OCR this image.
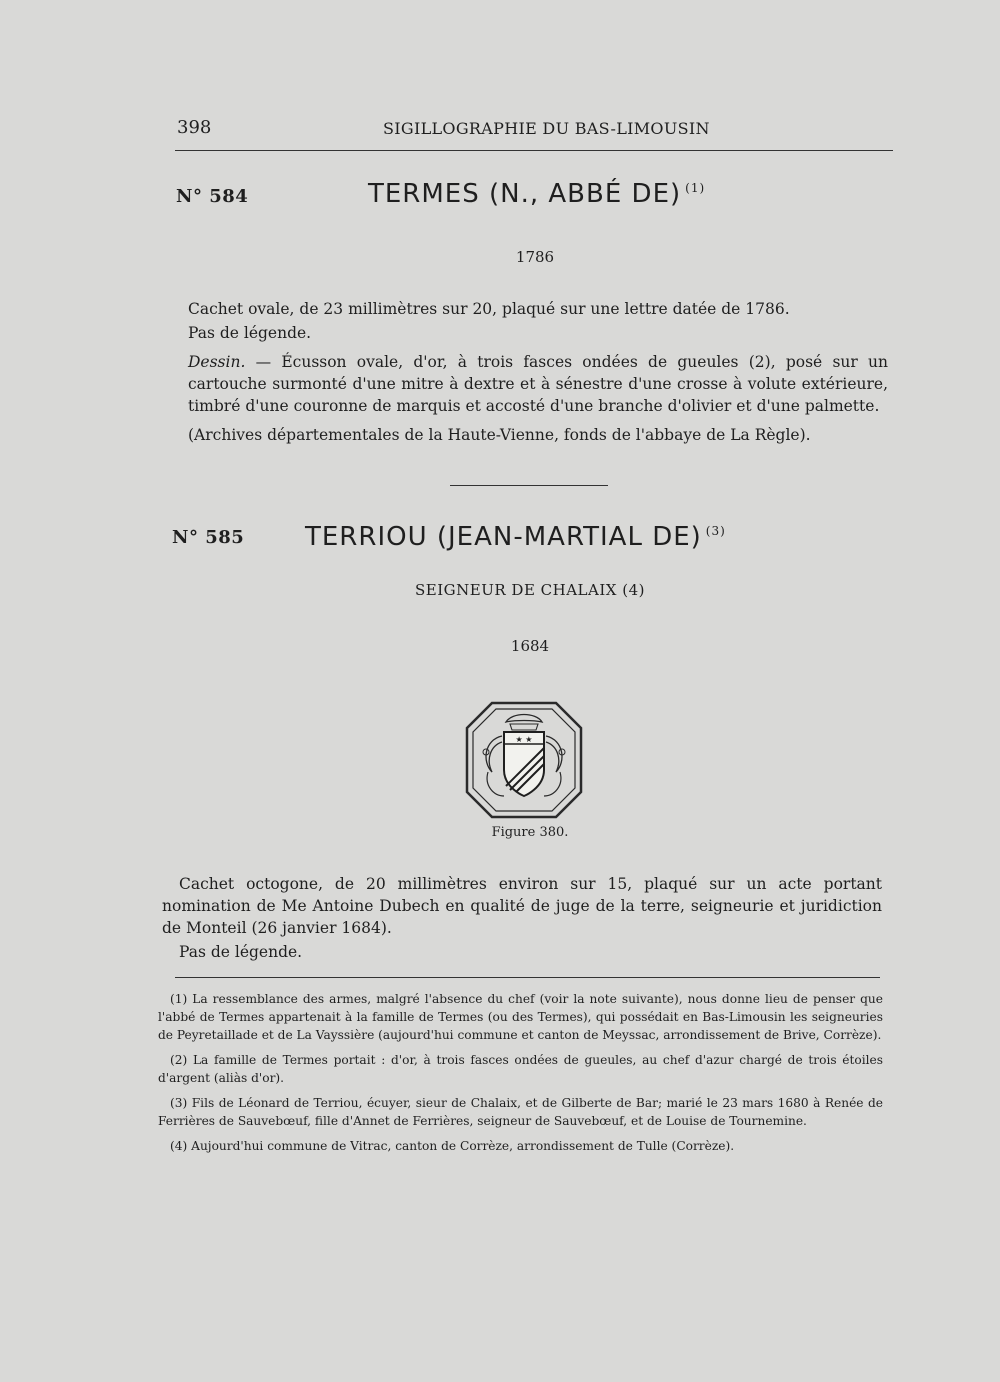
398	SIGILLOGRAPHIE DU BAS-LIMOUSIN
N° 584	TERMES (N., ABBÉ DE) $^{(1)}$
1786
Cachet ovale, de 23 millimètres sur 20, plaqué sur une lettre datée de 1786.
Pas de légende.
Dessin. — Écusson ovale, d'or, à trois fasces ondées de gueules (2), posé sur un cartouche surmonté d'une mitre à dextre et à sénestre d'une crosse à volute extérieure, timbré d'une couronne de marquis et accosté d'une branche d'olivier et d'une palmette.
(Archives départementales de la Haute-Vienne, fonds de l'abbaye de La Règle).
N° 585 TERRIOU (JEAN-MARTIAL DE) $^{(3)}$
SEIGNEUR DE CHALAIX (4)
1684
★ ★
Figure 380.
Cachet octogone, de 20 millimètres environ sur 15, plaqué sur un acte portant nomination de Me Antoine Dubech en qualité de juge de la terre, seigneurie et juridiction de Monteil (26 janvier 1684).
Pas de légende.
(1) La ressemblance des armes, malgré l'absence du chef (voir la note suivante), nous donne lieu de penser que l'abbé de Termes appartenait à la famille de Termes (ou des Termes), qui possédait en Bas-Limousin les seigneuries de Peyretaillade et de La Vayssière (aujourd'hui commune et canton de Meyssac, arrondissement de Brive, Corrèze).
(2) La famille de Termes portait : d'or, à trois fasces ondées de gueules, au chef d'azur chargé de trois étoiles d'argent (aliàs d'or).
(3) Fils de Léonard de Terriou, écuyer, sieur de Chalaix, et de Gilberte de Bar; marié le 23 mars 1680 à Renée de Ferrières de Sauvebœuf, fille d'Annet de Ferrières, seigneur de Sauvebœuf, et de Louise de Tournemine.
(4) Aujourd'hui commune de Vitrac, canton de Corrèze, arrondissement de Tulle (Corrèze).
